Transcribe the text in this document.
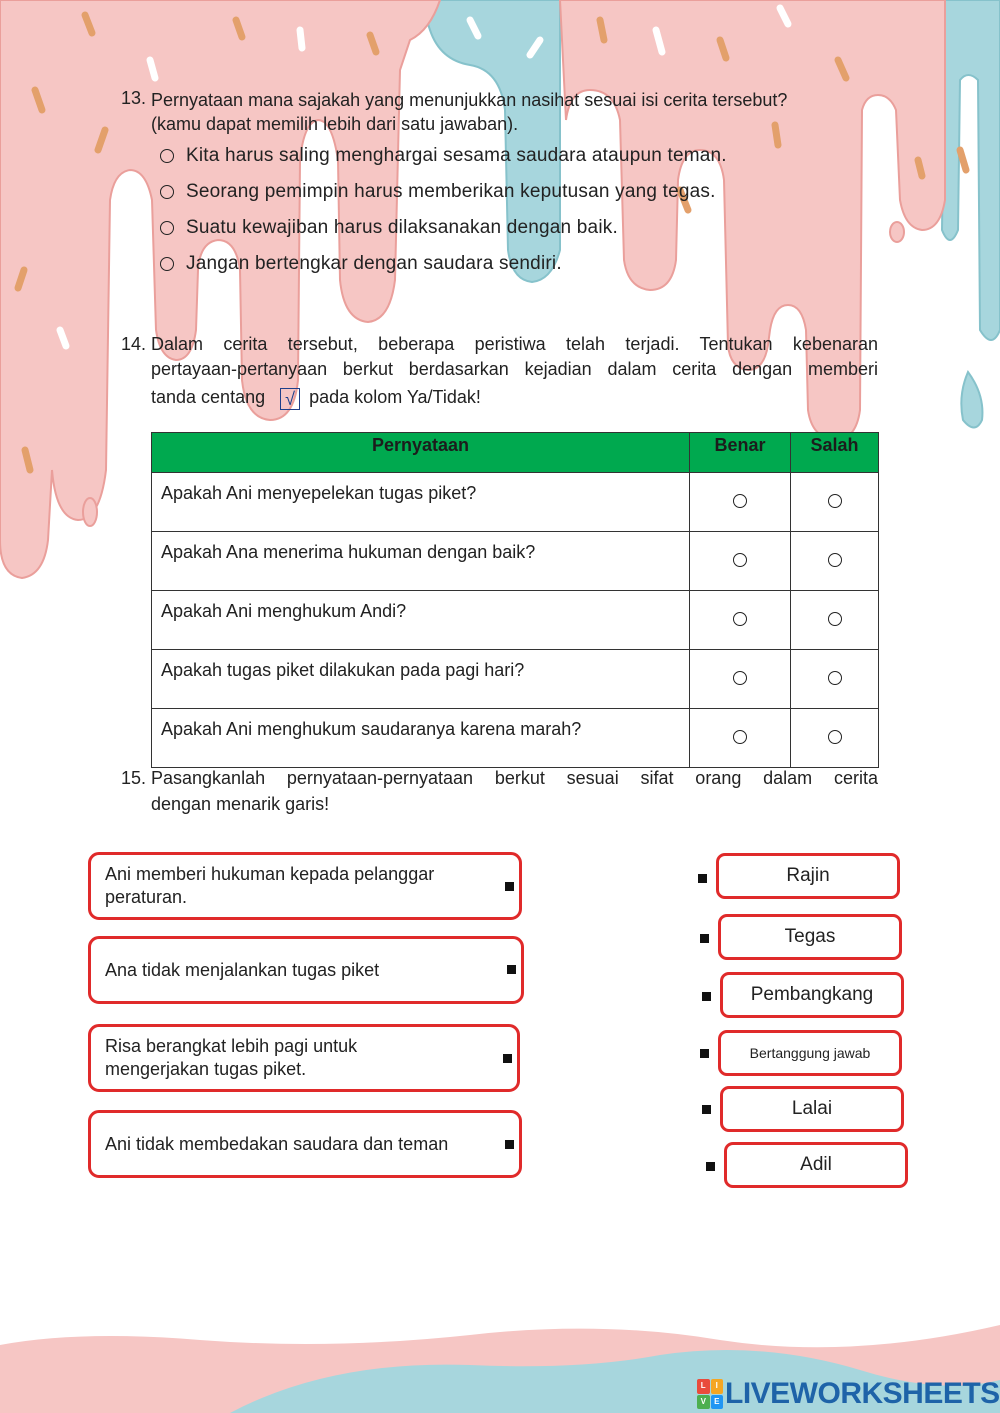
13. Pernyataan mana sajakah yang menunjukkan nasihat sesuai isi cerita tersebut?
(kamu dapat memilih lebih dari satu jawaban).
Kita harus saling menghargai sesama saudara ataupun teman.
Seorang pemimpin harus memberikan keputusan yang tegas.
Suatu kewajiban harus dilaksanakan dengan baik.
Jangan bertengkar dengan saudara sendiri.
14. Dalam cerita tersebut, beberapa peristiwa telah terjadi. Tentukan kebenaran
pertayaan-pertanyaan berkut berdasarkan kejadian dalam cerita dengan memberi
tanda centang √ pada kolom Ya/Tidak!
Pernyataan	Benar	Salah
Apakah Ani menyepelekan tugas piket?		
Apakah Ana menerima hukuman dengan baik?		
Apakah Ani menghukum Andi?		
Apakah tugas piket dilakukan pada pagi hari?		
Apakah Ani menghukum saudaranya karena marah?		
15. Pasangkanlah pernyataan-pernyataan berkut sesuai sifat orang dalam cerita
dengan menarik garis!
Ani memberi hukuman kepada pelanggar peraturan.
Ana tidak menjalankan tugas piket
Risa berangkat lebih pagi untuk mengerjakan tugas piket.
Ani tidak membedakan saudara dan teman
Rajin
Tegas
Pembangkang
Bertanggung jawab
Lalai
Adil
L	I
V	E LIVEWORKSHEETS
